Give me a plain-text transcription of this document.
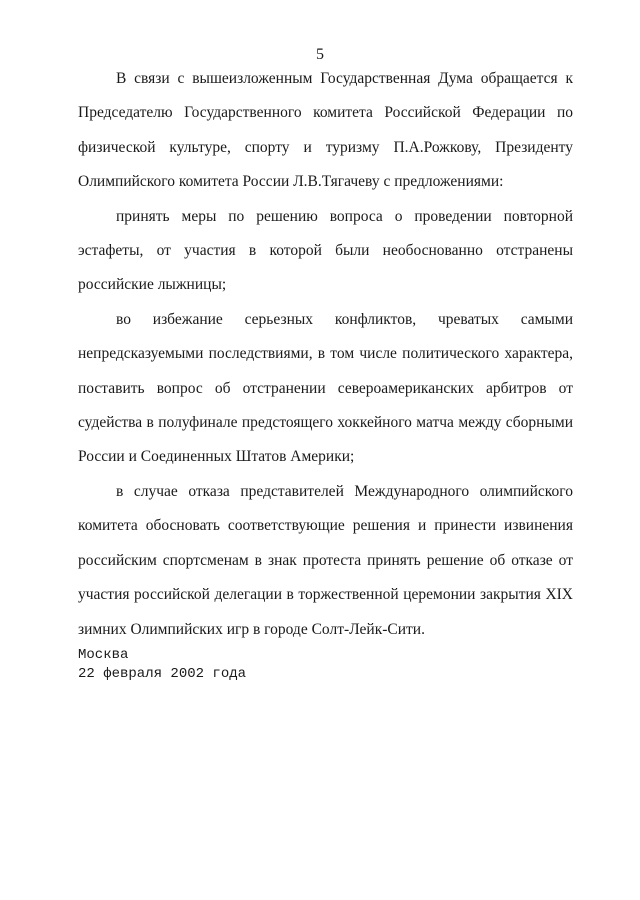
5

В связи с вышеизложенным Государственная Дума обращается к Председателю Государственного комитета Российской Федерации по физической культуре, спорту и туризму П.А.Рожкову, Президенту Олимпийского комитета России Л.В.Тягачеву с предложениями:

принять меры по решению вопроса о проведении повторной эстафеты, от участия в которой были необоснованно отстранены российские лыжницы;

во избежание серьезных конфликтов, чреватых самыми непредсказуемыми последствиями, в том числе политического характера, поставить вопрос об отстранении североамериканских арбитров от судейства в полуфинале предстоящего хоккейного матча между сборными России и Соединенных Штатов Америки;

в случае отказа представителей Международного олимпийского комитета обосновать соответствующие решения и принести извинения российским спортсменам в знак протеста принять решение об отказе от участия российской делегации в торжественной церемонии закрытия XIX зимних Олимпийских игр в городе Солт-Лейк-Сити.

Москва
22 февраля 2002 года
